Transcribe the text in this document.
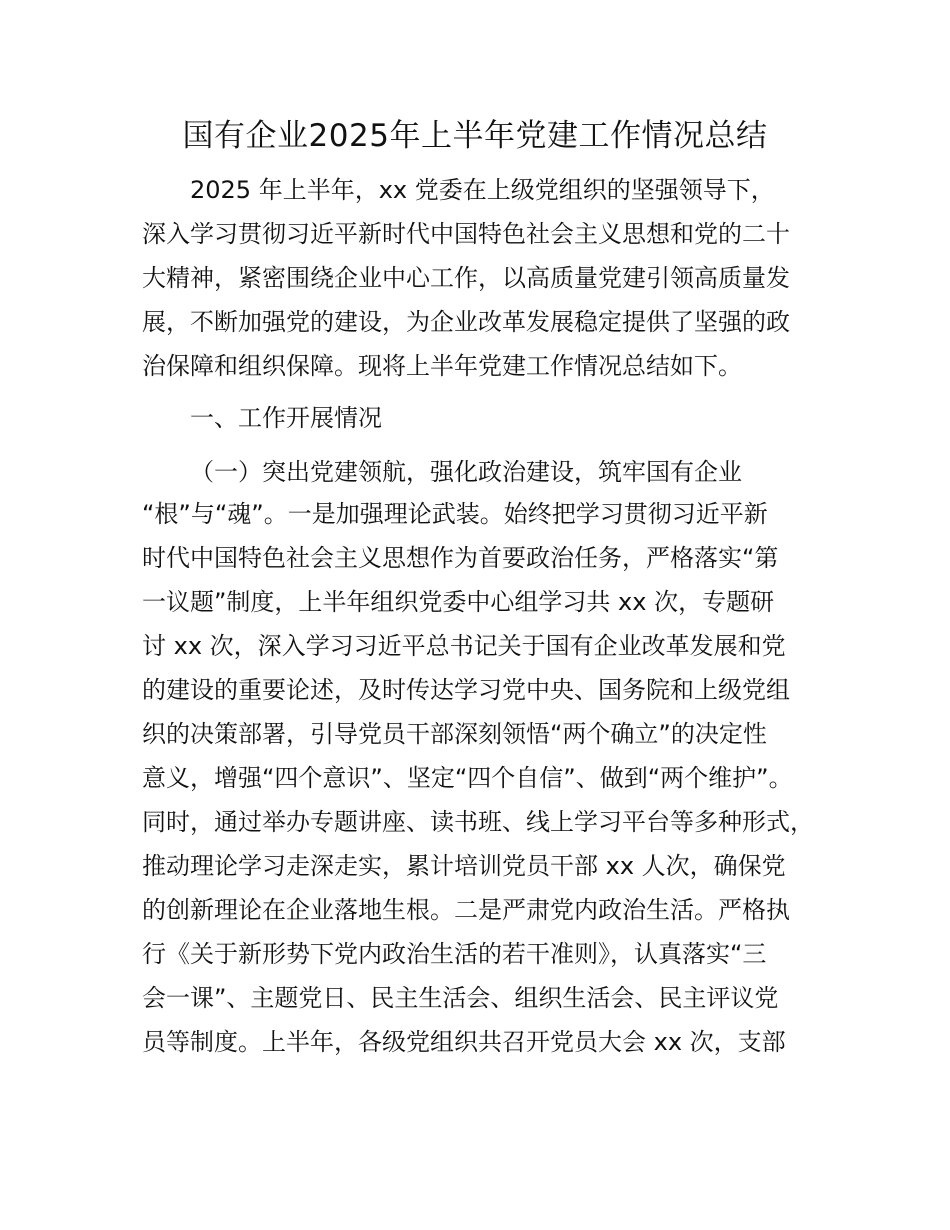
国有企业2025年上半年党建工作情况总结

2025 年上半年，xx 党委在上级党组织的坚强领导下，

深入学习贯彻习近平新时代中国特色社会主义思想和党的二十

大精神，紧密围绕企业中心工作，以高质量党建引领高质量发

展，不断加强党的建设，为企业改革发展稳定提供了坚强的政

治保障和组织保障。现将上半年党建工作情况总结如下。

一、工作开展情况

（一）突出党建领航，强化政治建设，筑牢国有企业

“根”与“魂”。一是加强理论武装。始终把学习贯彻习近平新

时代中国特色社会主义思想作为首要政治任务，严格落实“第

一议题”制度，上半年组织党委中心组学习共 xx 次，专题研

讨 xx 次，深入学习习近平总书记关于国有企业改革发展和党

的建设的重要论述，及时传达学习党中央、国务院和上级党组

织的决策部署，引导党员干部深刻领悟“两个确立”的决定性

意义，增强“四个意识”、坚定“四个自信”、做到“两个维护”。

同时，通过举办专题讲座、读书班、线上学习平台等多种形式，

推动理论学习走深走实，累计培训党员干部 xx 人次，确保党

的创新理论在企业落地生根。二是严肃党内政治生活。严格执

行《关于新形势下党内政治生活的若干准则》，认真落实“三

会一课”、主题党日、民主生活会、组织生活会、民主评议党

员等制度。上半年，各级党组织共召开党员大会 xx 次，支部
